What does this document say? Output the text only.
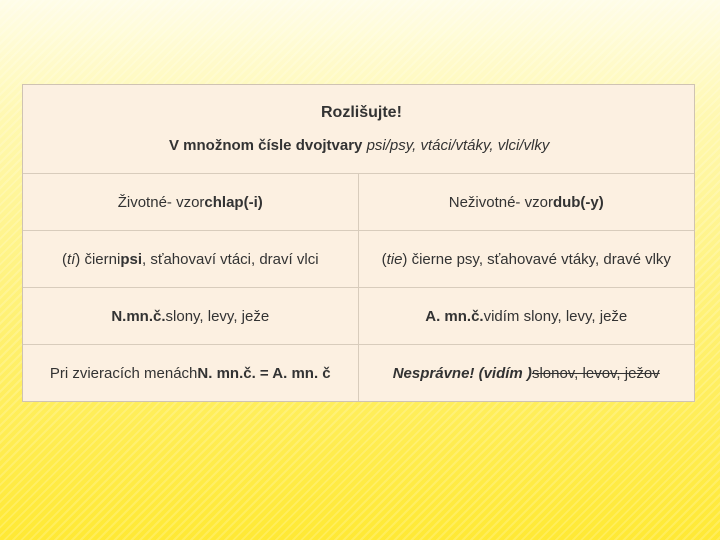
Rozlišujte!
V množnom čísle dvojtvary psi/psy, vtáci/vtáky, vlci/vlky
Životné- vzor chlap(-i)	Neživotné- vzor dub(-y)
( tí ) čierni psi , sťahovaví vtáci, draví vlci	( tie ) čierne psy, sťahovavé vtáky, dravé vlky
N.mn.č. slony, levy, ježe	A. mn.č. vidím slony, levy, ježe
Pri zvieracích menách N. mn.č. = A. mn. č	Nesprávne! (vidím ) slonov, levov, ježov
